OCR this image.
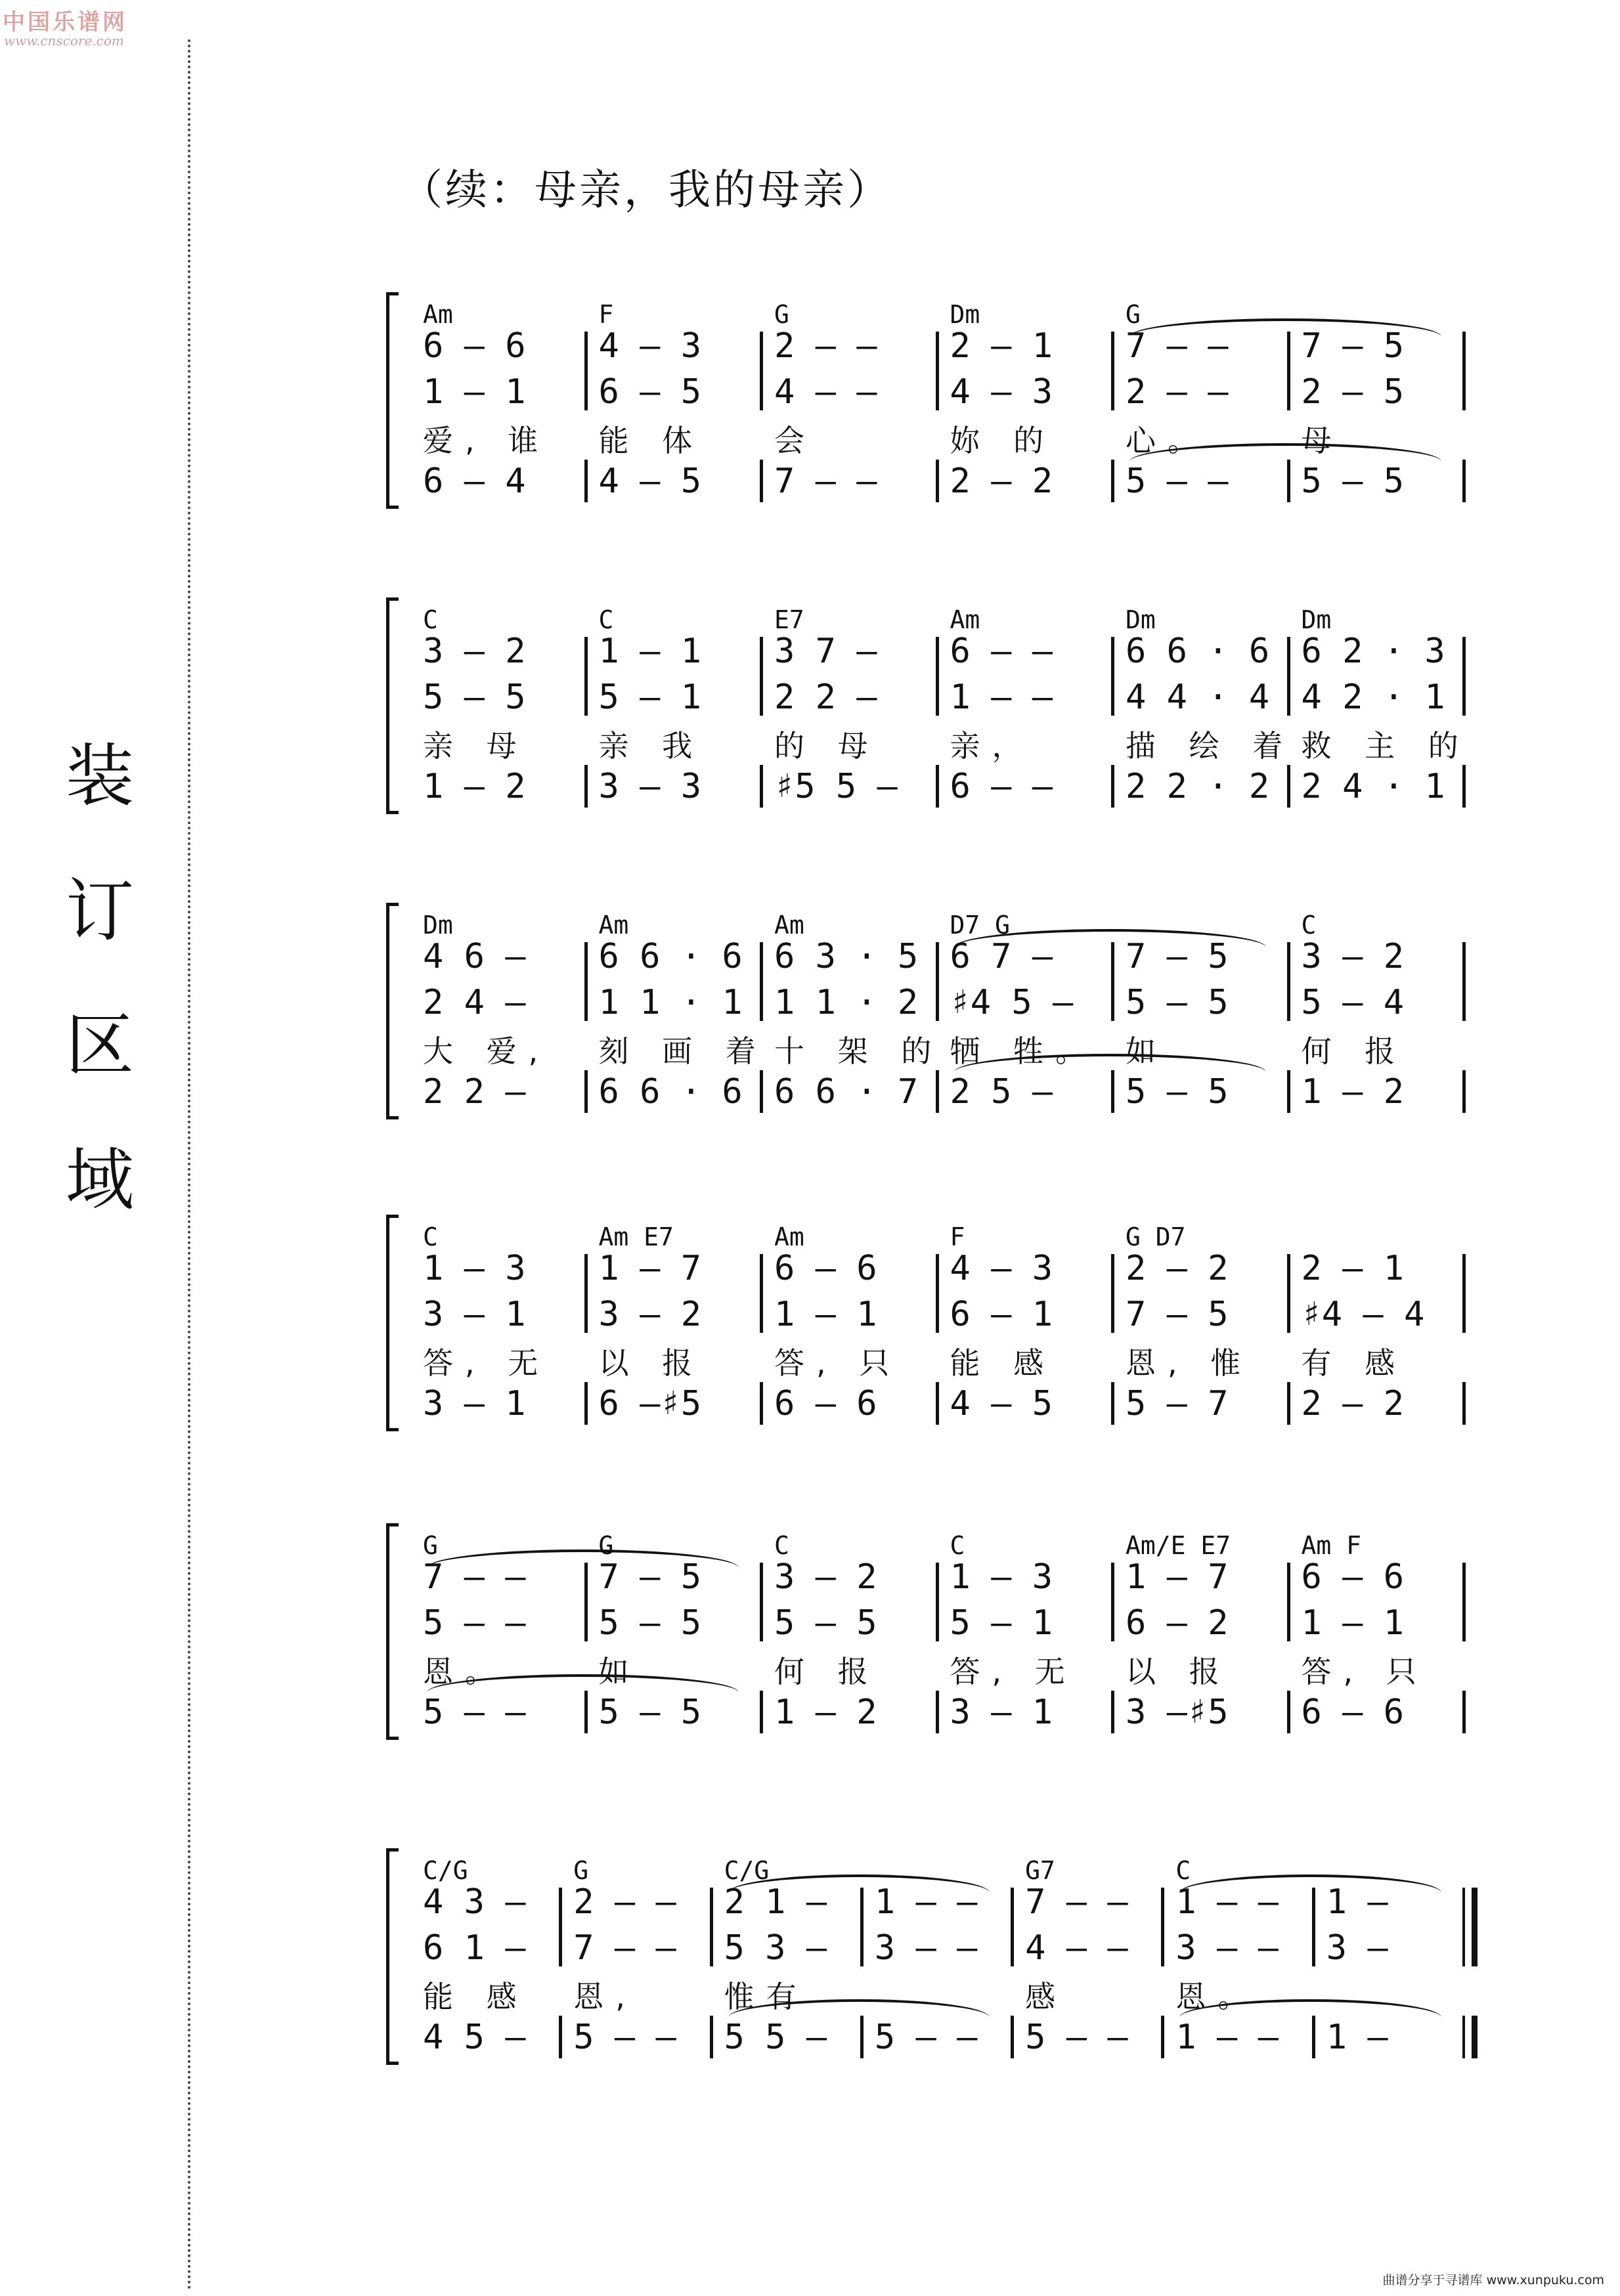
中国乐谱网
www.cnscore.com
装
订
区
域
（续：母亲，我的母亲）
Am
6 – 6
1 – 1
爱, 谁
6 – 4
F
4 – 3
6 – 5
能 体
4 – 5
G
2 – –
4 – –
会
7 – –
Dm
2 – 1
4 – 3
妳 的
2 – 2
G
7 – –
2 – –
心。
5 – –
7 – 5
2 – 5
母
5 – 5
C
3 – 2
5 – 5
亲 母
1 – 2
C
1 – 1
5 – 1
亲 我
3 – 3
E7
3 7 –
2 2 –
的 母
♯5 5 –
Am
6 – –
1 – –
亲，
6 – –
Dm
6 6 · 6
4 4 · 4
描 绘 着
2 2 · 2
Dm
6 2 · 3
4 2 · 1
救 主 的
2 4 · 1
Dm
4 6 –
2 4 –
大 爱,
2 2 –
Am
6 6 · 6
1 1 · 1
刻 画 着
6 6 · 6
Am
6 3 · 5
1 1 · 2
十 架 的
6 6 · 7
D7 G
6 7 –
♯4 5 –
牺 牲。
2 5 –
7 – 5
5 – 5
如
5 – 5
C
3 – 2
5 – 4
何 报
1 – 2
C
1 – 3
3 – 1
答, 无
3 – 1
Am E7
1 – 7
3 – 2
以 报
6 –♯5
Am
6 – 6
1 – 1
答, 只
6 – 6
F
4 – 3
6 – 1
能 感
4 – 5
G D7
2 – 2
7 – 5
恩, 惟
5 – 7
2 – 1
♯4 – 4
有 感
2 – 2
G
7 – –
5 – –
恩。
5 – –
G
7 – 5
5 – 5
如
5 – 5
C
3 – 2
5 – 5
何 报
1 – 2
C
1 – 3
5 – 1
答, 无
3 – 1
Am/E E7
1 – 7
6 – 2
以 报
3 –♯5
Am F
6 – 6
1 – 1
答, 只
6 – 6
C/G
4 3 –
6 1 –
能 感
4 5 –
G
2 – –
7 – –
恩,
5 – –
C/G
2 1 –
5 3 –
惟有
5 5 –
1 – –
3 – –
5 – –
G7
7 – –
4 – –
感
5 – –
C
1 – –
3 – –
恩。
1 – –
1 –
3 –
1 –
曲谱分享于寻谱库 www.xunpuku.com
